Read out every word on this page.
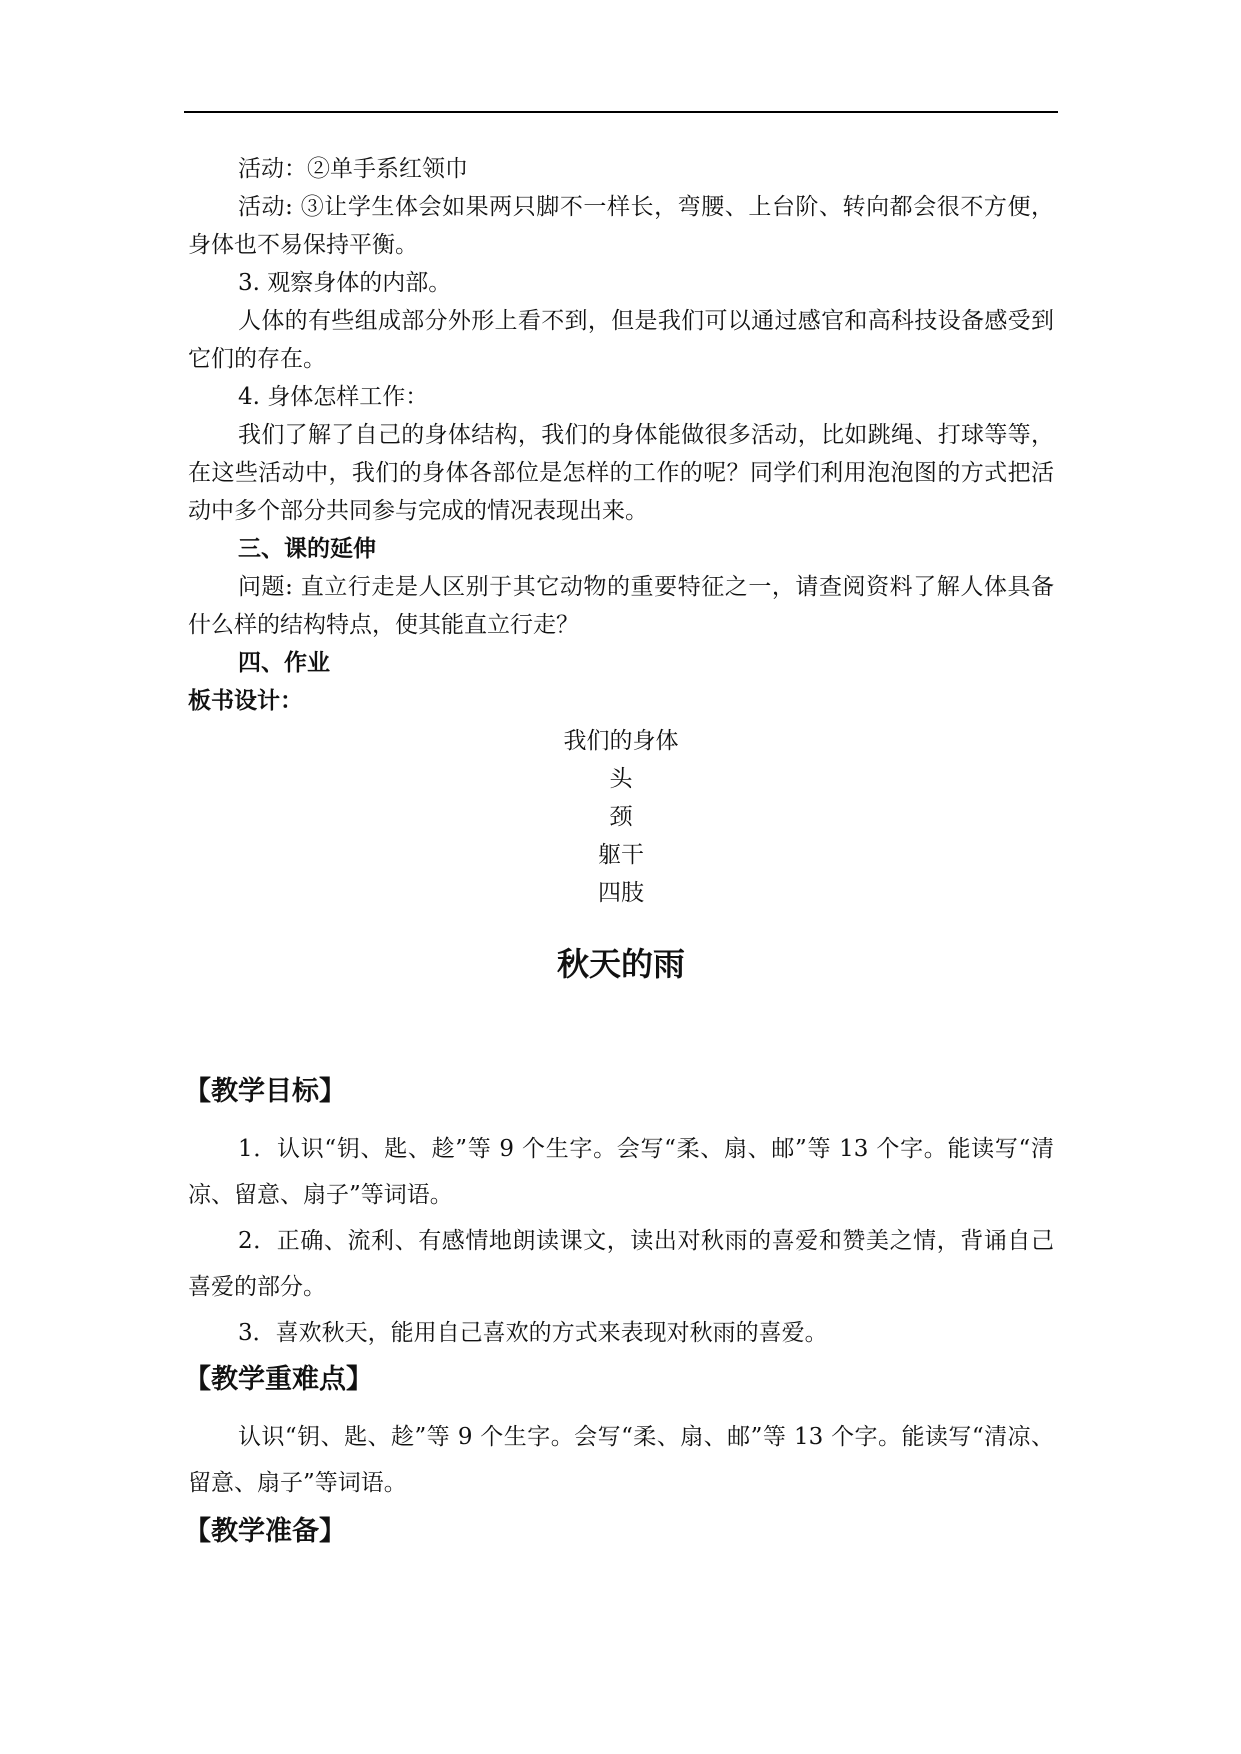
活动：②单手系红领巾

活动: ③让学生体会如果两只脚不一样长，弯腰、上台阶、转向都会很不方便，身体也不易保持平衡。

3. 观察身体的内部。

人体的有些组成部分外形上看不到，但是我们可以通过感官和高科技设备感受到它们的存在。

4. 身体怎样工作：

我们了解了自己的身体结构，我们的身体能做很多活动，比如跳绳、打球等等，在这些活动中，我们的身体各部位是怎样的工作的呢？同学们利用泡泡图的方式把活动中多个部分共同参与完成的情况表现出来。

三、课的延伸

问题: 直立行走是人区别于其它动物的重要特征之一，请查阅资料了解人体具备什么样的结构特点，使其能直立行走？

四、作业

板书设计：

我们的身体

头

颈

躯干

四肢

秋天的雨

【教学目标】

1．认识“钥、匙、趁”等 9 个生字。会写“柔、扇、邮”等 13 个字。能读写“清凉、留意、扇子”等词语。

2．正确、流利、有感情地朗读课文，读出对秋雨的喜爱和赞美之情，背诵自己喜爱的部分。

3．喜欢秋天，能用自己喜欢的方式来表现对秋雨的喜爱。

【教学重难点】

认识“钥、匙、趁”等 9 个生字。会写“柔、扇、邮”等 13 个字。能读写“清凉、留意、扇子”等词语。

【教学准备】
